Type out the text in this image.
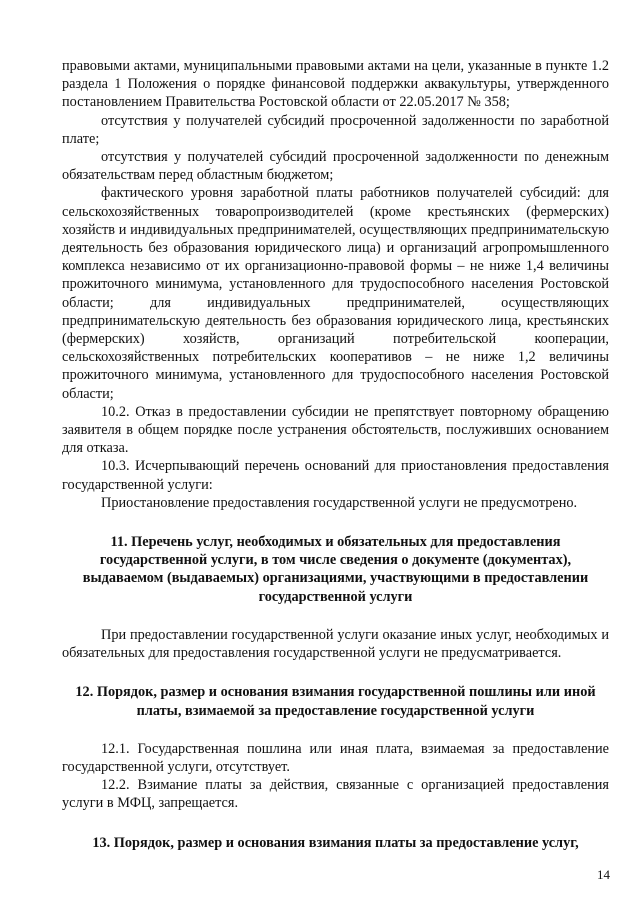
правовыми актами, муниципальными правовыми актами на цели, указанные в пункте 1.2 раздела 1 Положения о порядке финансовой поддержки аквакультуры, утвержденного постановлением Правительства Ростовской области от 22.05.2017 № 358;

отсутствия у получателей субсидий просроченной задолженности по заработной плате;

отсутствия у получателей субсидий просроченной задолженности по денежным обязательствам перед областным бюджетом;

фактического уровня заработной платы работников получателей субсидий: для сельскохозяйственных товаропроизводителей (кроме крестьянских (фермерских) хозяйств и индивидуальных предпринимателей, осуществляющих предпринимательскую деятельность без образования юридического лица) и организаций агропромышленного комплекса независимо от их организационно-правовой формы – не ниже 1,4 величины прожиточного минимума, установленного для трудоспособного населения Ростовской области; для индивидуальных предпринимателей, осуществляющих предпринимательскую деятельность без образования юридического лица, крестьянских (фермерских) хозяйств, организаций потребительской кооперации, сельскохозяйственных потребительских кооперативов – не ниже 1,2 величины прожиточного минимума, установленного для трудоспособного населения Ростовской области;

10.2. Отказ в предоставлении субсидии не препятствует повторному обращению заявителя в общем порядке после устранения обстоятельств, послуживших основанием для отказа.

10.3. Исчерпывающий перечень оснований для приостановления предоставления государственной услуги:

Приостановление предоставления государственной услуги не предусмотрено.

11. Перечень услуг, необходимых и обязательных для предоставления государственной услуги, в том числе сведения о документе (документах), выдаваемом (выдаваемых) организациями, участвующими в предоставлении государственной услуги

При предоставлении государственной услуги оказание иных услуг, необходимых и обязательных для предоставления государственной услуги не предусматривается.

12. Порядок, размер и основания взимания государственной пошлины или иной платы, взимаемой за предоставление государственной услуги

12.1. Государственная пошлина или иная плата, взимаемая за предоставление государственной услуги, отсутствует.

12.2. Взимание платы за действия, связанные с организацией предоставления услуги в МФЦ, запрещается.

13. Порядок, размер и основания взимания платы за предоставление услуг,
14
